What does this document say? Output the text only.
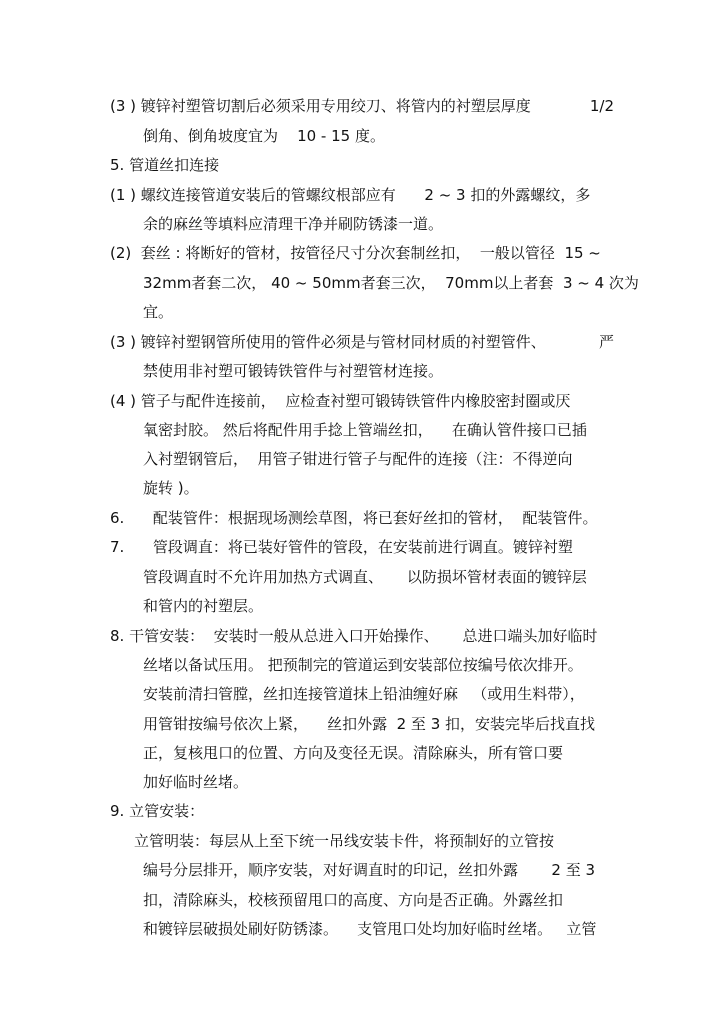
(3 ) 镀锌衬塑管切割后必须采用专用绞刀、将管内的衬塑层厚度	1/2
倒角、倒角坡度宜为    10 - 15 度。
5. 管道丝扣连接
(1 ) 螺纹连接管道安装后的管螺纹根部应有      2 ~ 3 扣的外露螺纹，多
余的麻丝等填料应清理干净并刷防锈漆一道。
(2)  套丝 : 将断好的管材，按管径尺寸分次套制丝扣，  一般以管径  15 ~
32mm者套二次， 40 ~ 50mm者套三次，  70mm以上者套  3 ~ 4 次为
宜。
(3 ) 镀锌衬塑钢管所使用的管件必须是与管材同材质的衬塑管件、	严
禁使用非衬塑可锻铸铁管件与衬塑管材连接。
(4 ) 管子与配件连接前，  应检查衬塑可锻铸铁管件内橡胶密封圈或厌
氧密封胶。 然后将配件用手捻上管端丝扣，    在确认管件接口已插
入衬塑钢管后，  用管子钳进行管子与配件的连接（注：不得逆向
旋转 )。
6.      配装管件：根据现场测绘草图，将已套好丝扣的管材，  配装管件。
7.      管段调直：将已装好管件的管段，在安装前进行调直。镀锌衬塑
管段调直时不允许用加热方式调直、     以防损坏管材表面的镀锌层
和管内的衬塑层。
8. 干管安装：  安装时一般从总进入口开始操作、     总进口端头加好临时
丝堵以备试压用。 把预制完的管道运到安装部位按编号依次排开。
安装前清扫管膛，丝扣连接管道抹上铅油缠好麻   （或用生料带），
用管钳按编号依次上紧，    丝扣外露  2 至 3 扣，安装完毕后找直找
正，复核甩口的位置、方向及变径无误。清除麻头，所有管口要
加好临时丝堵。
9. 立管安装：
立管明装：每层从上至下统一吊线安装卡件，将预制好的立管按
编号分层排开，顺序安装，对好调直时的印记，丝扣外露       2 至 3
扣，清除麻头，校核预留甩口的高度、方向是否正确。外露丝扣
和镀锌层破损处刷好防锈漆。    支管甩口处均加好临时丝堵。   立管
